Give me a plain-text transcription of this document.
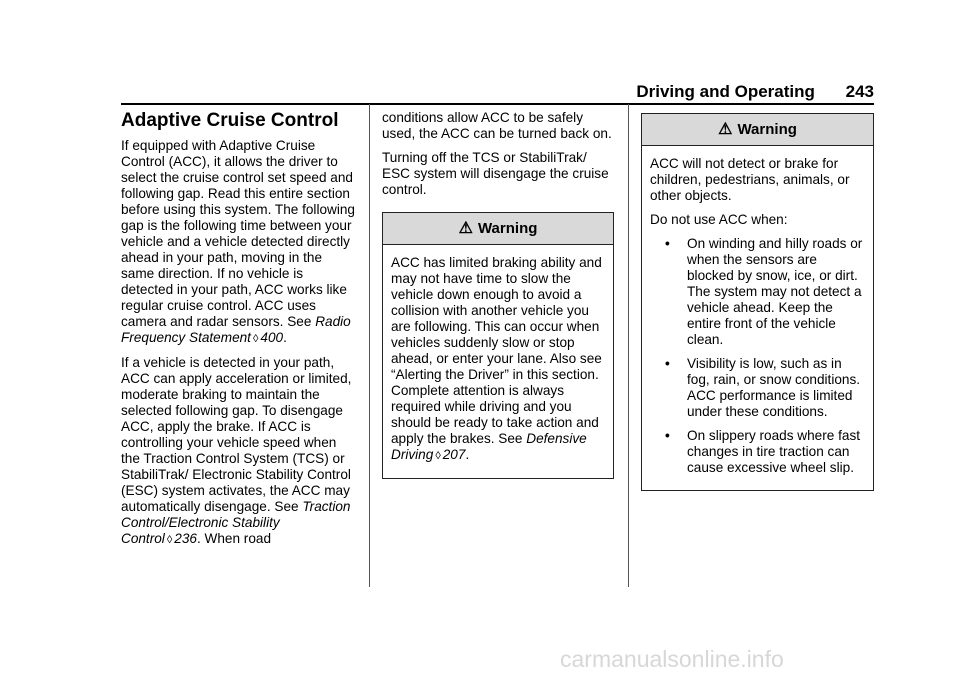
Driving and Operating 243
Adaptive Cruise Control

If equipped with Adaptive Cruise Control (ACC), it allows the driver to select the cruise control set speed and following gap. Read this entire section before using this system. The following gap is the following time between your vehicle and a vehicle detected directly ahead in your path, moving in the same direction. If no vehicle is detected in your path, ACC works like regular cruise control. ACC uses camera and radar sensors. See Radio Frequency Statement ◊ 400.

If a vehicle is detected in your path, ACC can apply acceleration or limited, moderate braking to maintain the selected following gap. To disengage ACC, apply the brake. If ACC is controlling your vehicle speed when the Traction Control System (TCS) or StabiliTrak/ Electronic Stability Control (ESC) system activates, the ACC may automatically disengage. See Traction Control/Electronic Stability Control ◊ 236. When road

conditions allow ACC to be safely used, the ACC can be turned back on.

Turning off the TCS or StabiliTrak/ ESC system will disengage the cruise control.

⚠ Warning

ACC has limited braking ability and may not have time to slow the vehicle down enough to avoid a collision with another vehicle you are following. This can occur when vehicles suddenly slow or stop ahead, or enter your lane. Also see “Alerting the Driver” in this section. Complete attention is always required while driving and you should be ready to take action and apply the brakes. See Defensive Driving ◊ 207.

⚠ Warning

ACC will not detect or brake for children, pedestrians, animals, or other objects.

Do not use ACC when:

• On winding and hilly roads or when the sensors are blocked by snow, ice, or dirt. The system may not detect a vehicle ahead. Keep the entire front of the vehicle clean.
• Visibility is low, such as in fog, rain, or snow conditions. ACC performance is limited under these conditions.
• On slippery roads where fast changes in tire traction can cause excessive wheel slip.
carmanualsonline.info
